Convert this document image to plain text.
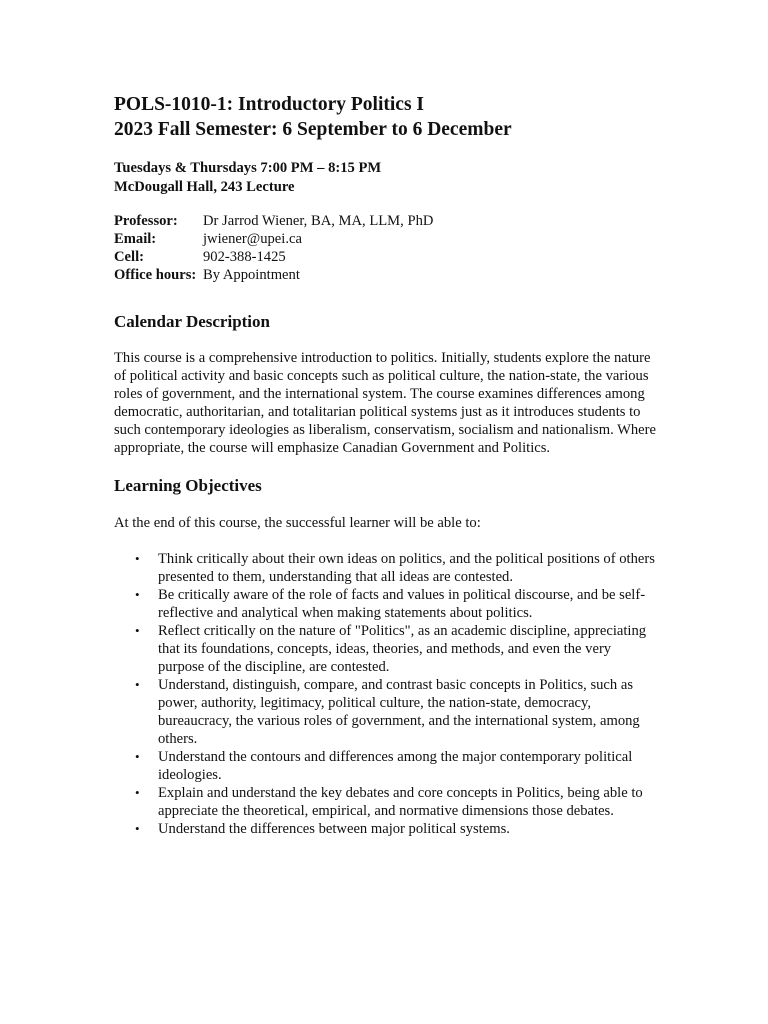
POLS-1010-1: Introductory Politics I
2023 Fall Semester: 6 September to 6 December
Tuesdays & Thursdays 7:00 PM – 8:15 PM
McDougall Hall, 243 Lecture
Professor:	Dr Jarrod Wiener, BA, MA, LLM, PhD
Email:	jwiener@upei.ca
Cell:	902-388-1425
Office hours: By Appointment
Calendar Description

This course is a comprehensive introduction to politics. Initially, students explore the nature of political activity and basic concepts such as political culture, the nation-state, the various roles of government, and the international system. The course examines differences among democratic, authoritarian, and totalitarian political systems just as it introduces students to such contemporary ideologies as liberalism, conservatism, socialism and nationalism. Where appropriate, the course will emphasize Canadian Government and Politics.

Learning Objectives

At the end of this course, the successful learner will be able to:

• Think critically about their own ideas on politics, and the political positions of others presented to them, understanding that all ideas are contested.
• Be critically aware of the role of facts and values in political discourse, and be self-reflective and analytical when making statements about politics.
• Reflect critically on the nature of "Politics", as an academic discipline, appreciating that its foundations, concepts, ideas, theories, and methods, and even the very purpose of the discipline, are contested.
• Understand, distinguish, compare, and contrast basic concepts in Politics, such as power, authority, legitimacy, political culture, the nation-state, democracy, bureaucracy, the various roles of government, and the international system, among others.
• Understand the contours and differences among the major contemporary political ideologies.
• Explain and understand the key debates and core concepts in Politics, being able to appreciate the theoretical, empirical, and normative dimensions those debates.
• Understand the differences between major political systems.
